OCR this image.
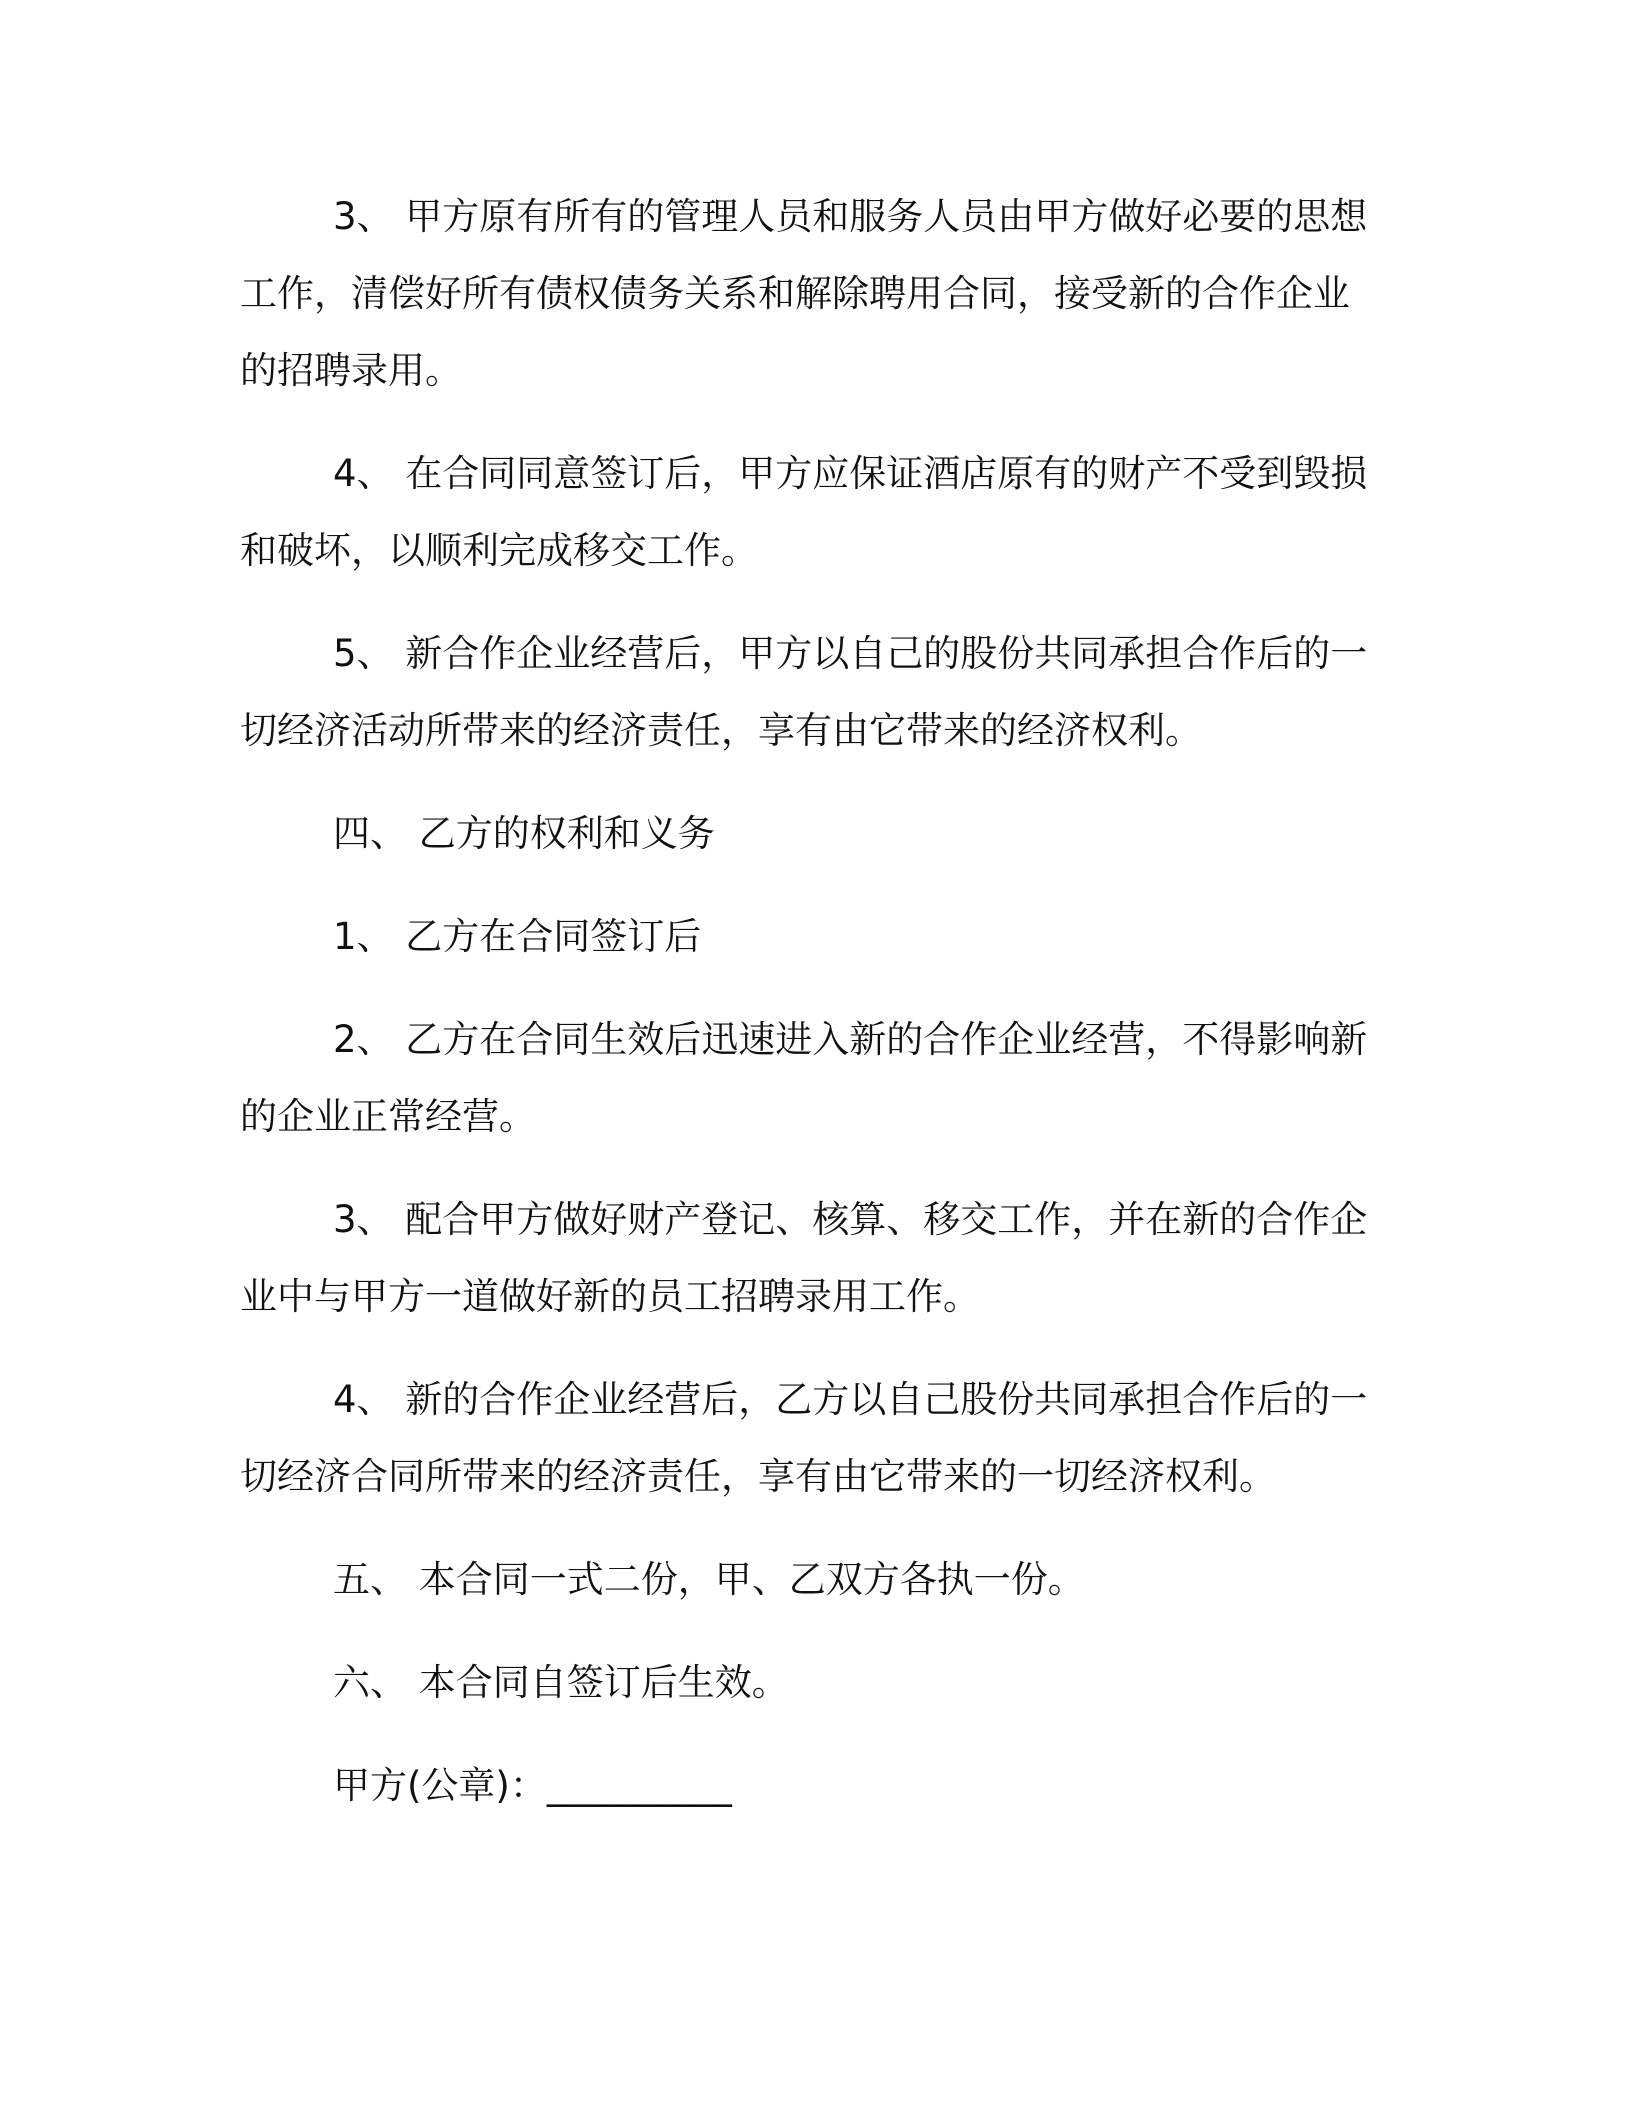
3、 甲方原有所有的管理人员和服务人员由甲方做好必要的思想
工作，清偿好所有债权债务关系和解除聘用合同，接受新的合作企业
的招聘录用。
4、 在合同同意签订后，甲方应保证酒店原有的财产不受到毁损
和破坏，以顺利完成移交工作。
5、 新合作企业经营后，甲方以自己的股份共同承担合作后的一
切经济活动所带来的经济责任，享有由它带来的经济权利。
四、 乙方的权利和义务
1、 乙方在合同签订后
2、 乙方在合同生效后迅速进入新的合作企业经营，不得影响新
的企业正常经营。
3、 配合甲方做好财产登记、核算、移交工作，并在新的合作企
业中与甲方一道做好新的员工招聘录用工作。
4、 新的合作企业经营后，乙方以自己股份共同承担合作后的一
切经济合同所带来的经济责任，享有由它带来的一切经济权利。
五、 本合同一式二份，甲、乙双方各执一份。
六、 本合同自签订后生效。
甲方(公章)：__________
